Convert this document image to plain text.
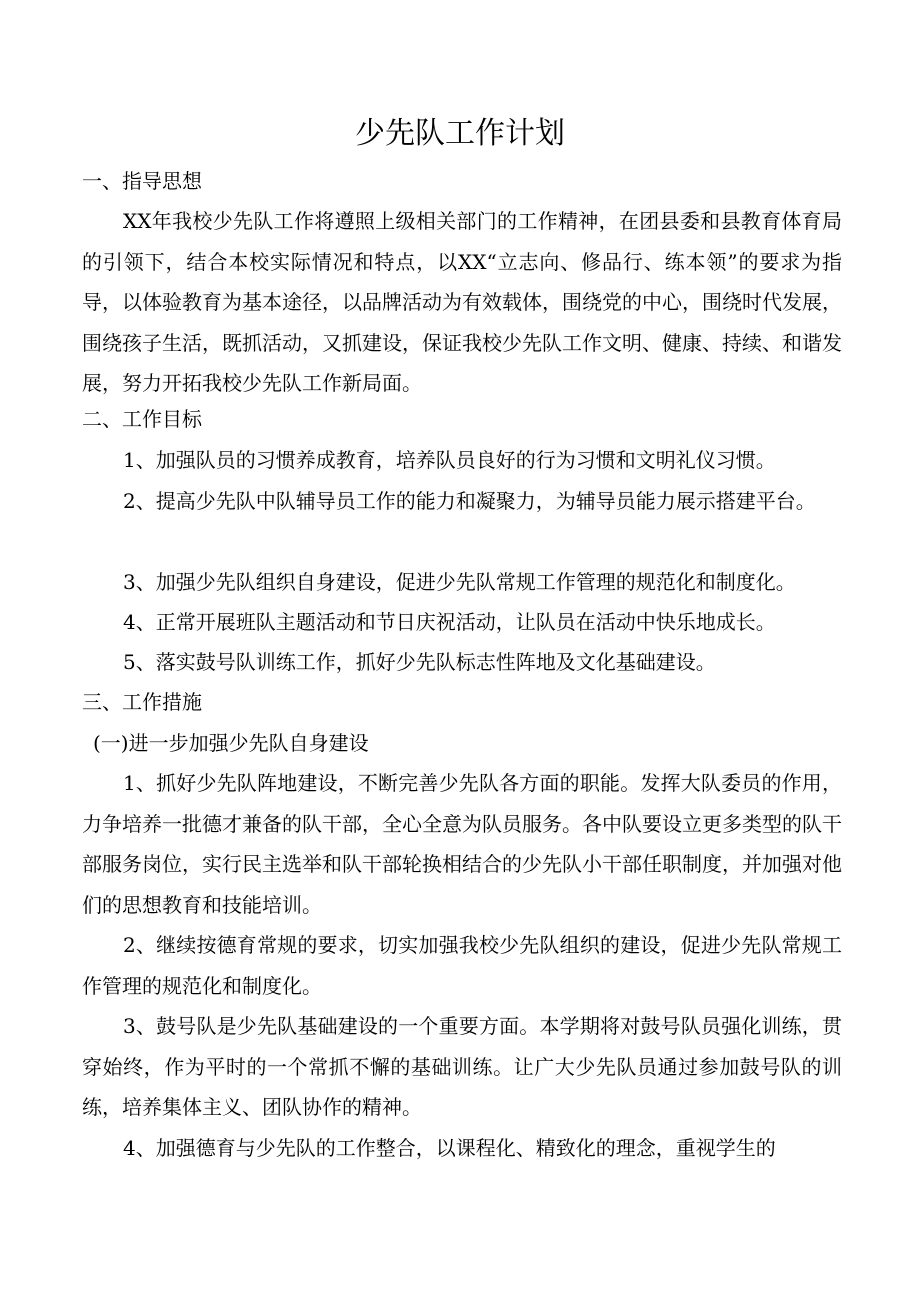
少先队工作计划
一、指导思想
XX年我校少先队工作将遵照上级相关部门的工作精神，在团县委和县教育体育局的引领下，结合本校实际情况和特点，以XX“立志向、修品行、练本领”的要求为指导，以体验教育为基本途径，以品牌活动为有效载体，围绕党的中心，围绕时代发展，围绕孩子生活，既抓活动，又抓建设，保证我校少先队工作文明、健康、持续、和谐发展，努力开拓我校少先队工作新局面。
二、工作目标
1、加强队员的习惯养成教育，培养队员良好的行为习惯和文明礼仪习惯。
2、提高少先队中队辅导员工作的能力和凝聚力，为辅导员能力展示搭建平台。
3、加强少先队组织自身建设，促进少先队常规工作管理的规范化和制度化。
4、正常开展班队主题活动和节日庆祝活动，让队员在活动中快乐地成长。
5、落实鼓号队训练工作，抓好少先队标志性阵地及文化基础建设。
三、工作措施
(一)进一步加强少先队自身建设
1、抓好少先队阵地建设，不断完善少先队各方面的职能。发挥大队委员的作用，力争培养一批德才兼备的队干部，全心全意为队员服务。各中队要设立更多类型的队干部服务岗位，实行民主选举和队干部轮换相结合的少先队小干部任职制度，并加强对他们的思想教育和技能培训。
2、继续按德育常规的要求，切实加强我校少先队组织的建设，促进少先队常规工作管理的规范化和制度化。
3、鼓号队是少先队基础建设的一个重要方面。本学期将对鼓号队员强化训练，贯穿始终，作为平时的一个常抓不懈的基础训练。让广大少先队员通过参加鼓号队的训练，培养集体主义、团队协作的精神。
4、加强德育与少先队的工作整合，以课程化、精致化的理念，重视学生的
